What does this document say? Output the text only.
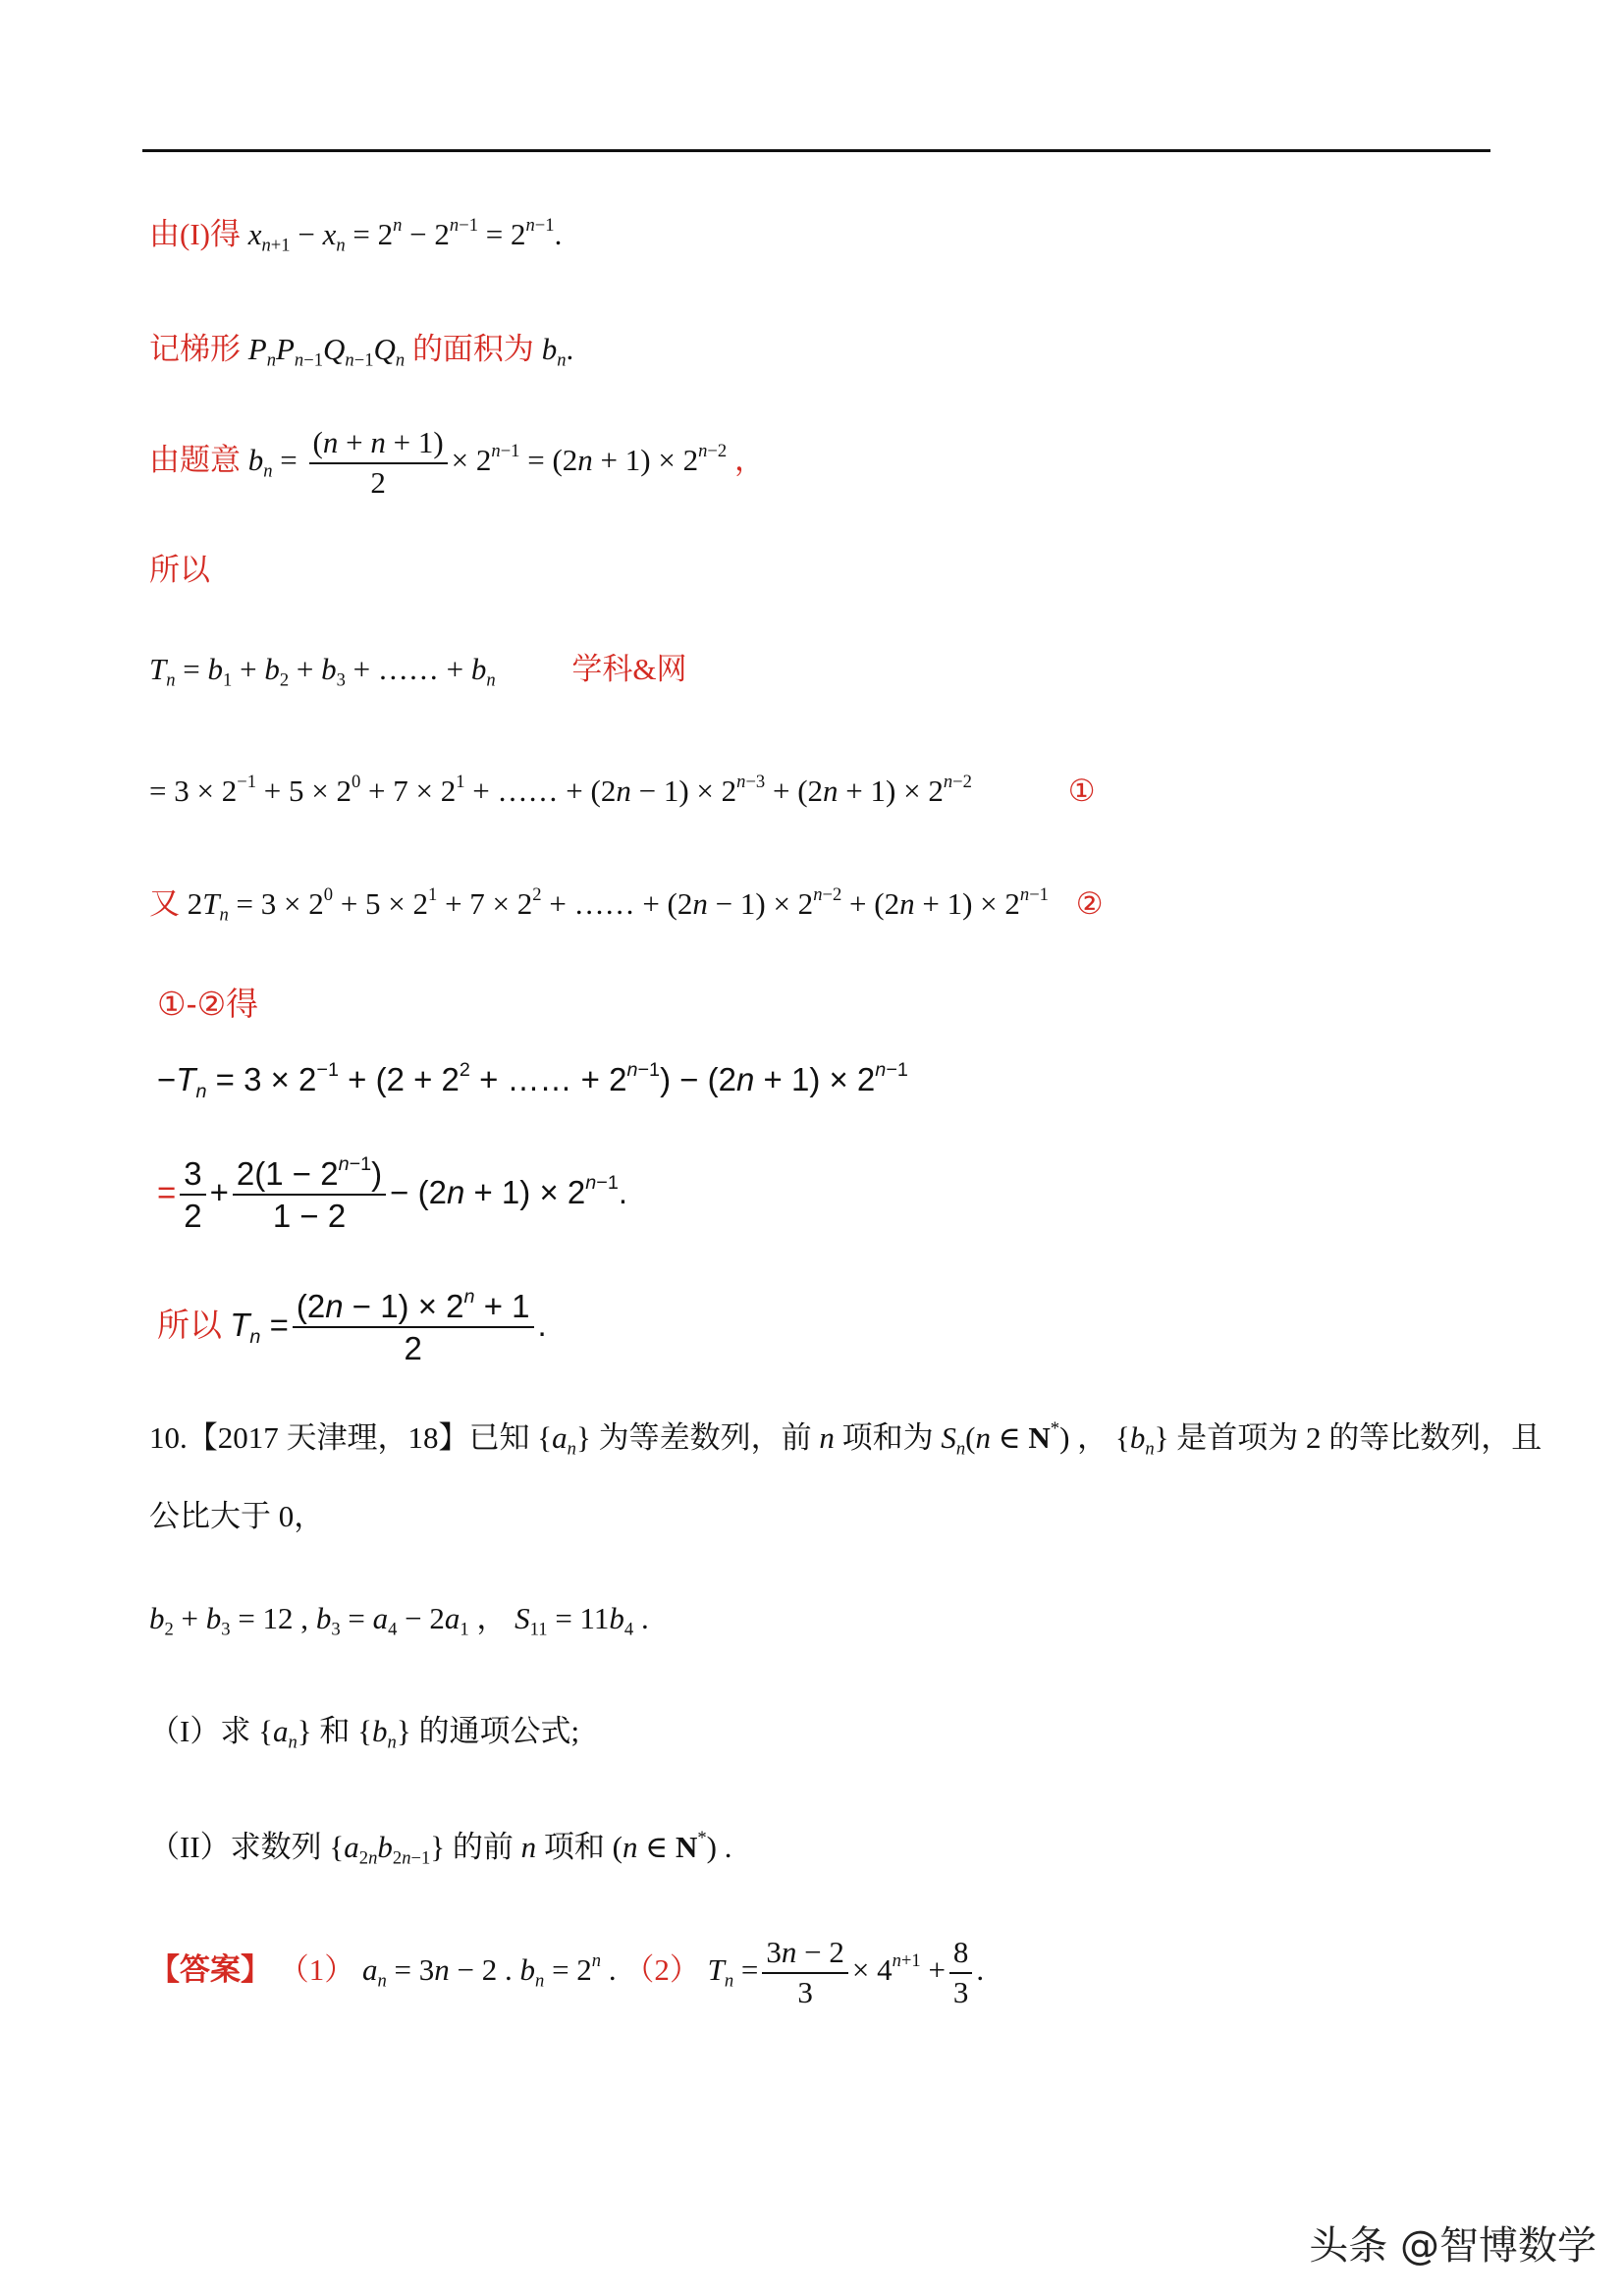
由(I)得 $x_{n+1} - x_n = 2^n - 2^{n-1} = 2^{n-1}$.
记梯形 $P_nP_{n-1}Q_{n-1}Q_n$ 的面积为 $b_n$.
由题意 $b_n = \frac{(n + n + 1)}{2} \times 2^{n-1} = (2n + 1) \times 2^{n-2}$ ，
所以
$T_n = b_1 + b_2 + b_3$ + …… + $b_n$	学科&网
= $3 \times 2^{-1} + 5 \times 2^0 + 7 \times 2^1$ + …… + $(2n - 1) \times 2^{n-3} + (2n + 1) \times 2^{n-2}$	①
又 $2T_n = 3 \times 2^0 + 5 \times 2^1 + 7 \times 2^2$ + …… + $(2n - 1) \times 2^{n-2} + (2n + 1) \times 2^{n-1}$ ②
①-②得
$-T_n = 3 \times 2^{-1} + (2 + 2^2$ + …… + $2^{n-1}) - (2n + 1) \times 2^{n-1}$
= $\frac{3}{2} + \frac{2(1 - 2^{n-1})}{1 - 2} - (2n + 1) \times 2^{n-1}$.
所以 $T_n = \frac{(2n - 1) \times 2^n + 1}{2}$ .
10.【2017 天津理，18】已知 $\{a_n\}$ 为等差数列，前 n 项和为 $S_n(n$ ∈ N*) ， $\{b_n\}$ 是首项为 2 的等比数列，且
公比大于 0，
$b_2 + b_3 = 12$ , $b_3 = a_4 - 2a_1$ ， $S_{11} = 11b_4$ .
（I）求 $\{a_n\}$ 和 $\{b_n\}$ 的通项公式;
（II）求数列 $\{a_{2n}b_{2n-1}\}$ 的前 n 项和 (n ∈ N*) .
【答案】 （1） $a_n = 3n - 2$ . $b_n = 2^n$ . （2） $T_n = \frac{3n - 2}{3} \times 4^{n+1} + \frac{8}{3}$ .
头条 @智博数学
